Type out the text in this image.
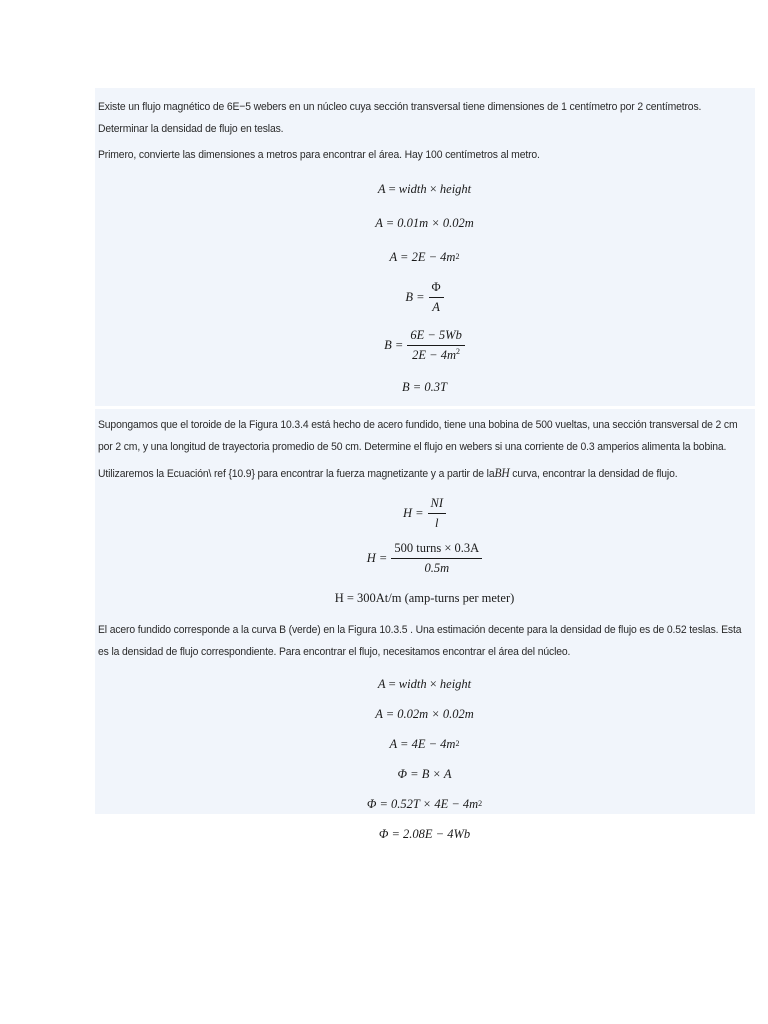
Existe un flujo magnético de 6E−5 webers en un núcleo cuya sección transversal tiene dimensiones de 1 centímetro por 2 centímetros. Determinar la densidad de flujo en teslas.

Primero, convierte las dimensiones a metros para encontrar el área. Hay 100 centímetros al metro.

A = width × height
A = 0.01m × 0.02m
A = 2E − 4m 2
$B = \frac{\Phi}{A}$
$B = \frac{6E - 5Wb}{2E - 4m^2}$
B = 0.3T

Supongamos que el toroide de la Figura 10.3.4 está hecho de acero fundido, tiene una bobina de 500 vueltas, una sección transversal de 2 cm por 2 cm, y una longitud de trayectoria promedio de 50 cm. Determine el flujo en webers si una corriente de 0.3 amperios alimenta la bobina.

Utilizaremos la Ecuación\ ref {10.9} para encontrar la fuerza magnetizante y a partir de laBH curva, encontrar la densidad de flujo.

$H = \frac{NI}{l}$
$H = \frac{\text{500 turns × 0.3A}}{0.5m}$
H = 300At/m (amp-turns per meter)

El acero fundido corresponde a la curva B (verde) en la Figura 10.3.5 . Una estimación decente para la densidad de flujo es de 0.52 teslas. Esta es la densidad de flujo correspondiente. Para encontrar el flujo, necesitamos encontrar el área del núcleo.

A = width × height
A = 0.02m × 0.02m
A = 4E − 4m 2
Φ = B × A
Φ = 0.52T × 4E − 4m 2
Φ = 2.08E − 4Wb
